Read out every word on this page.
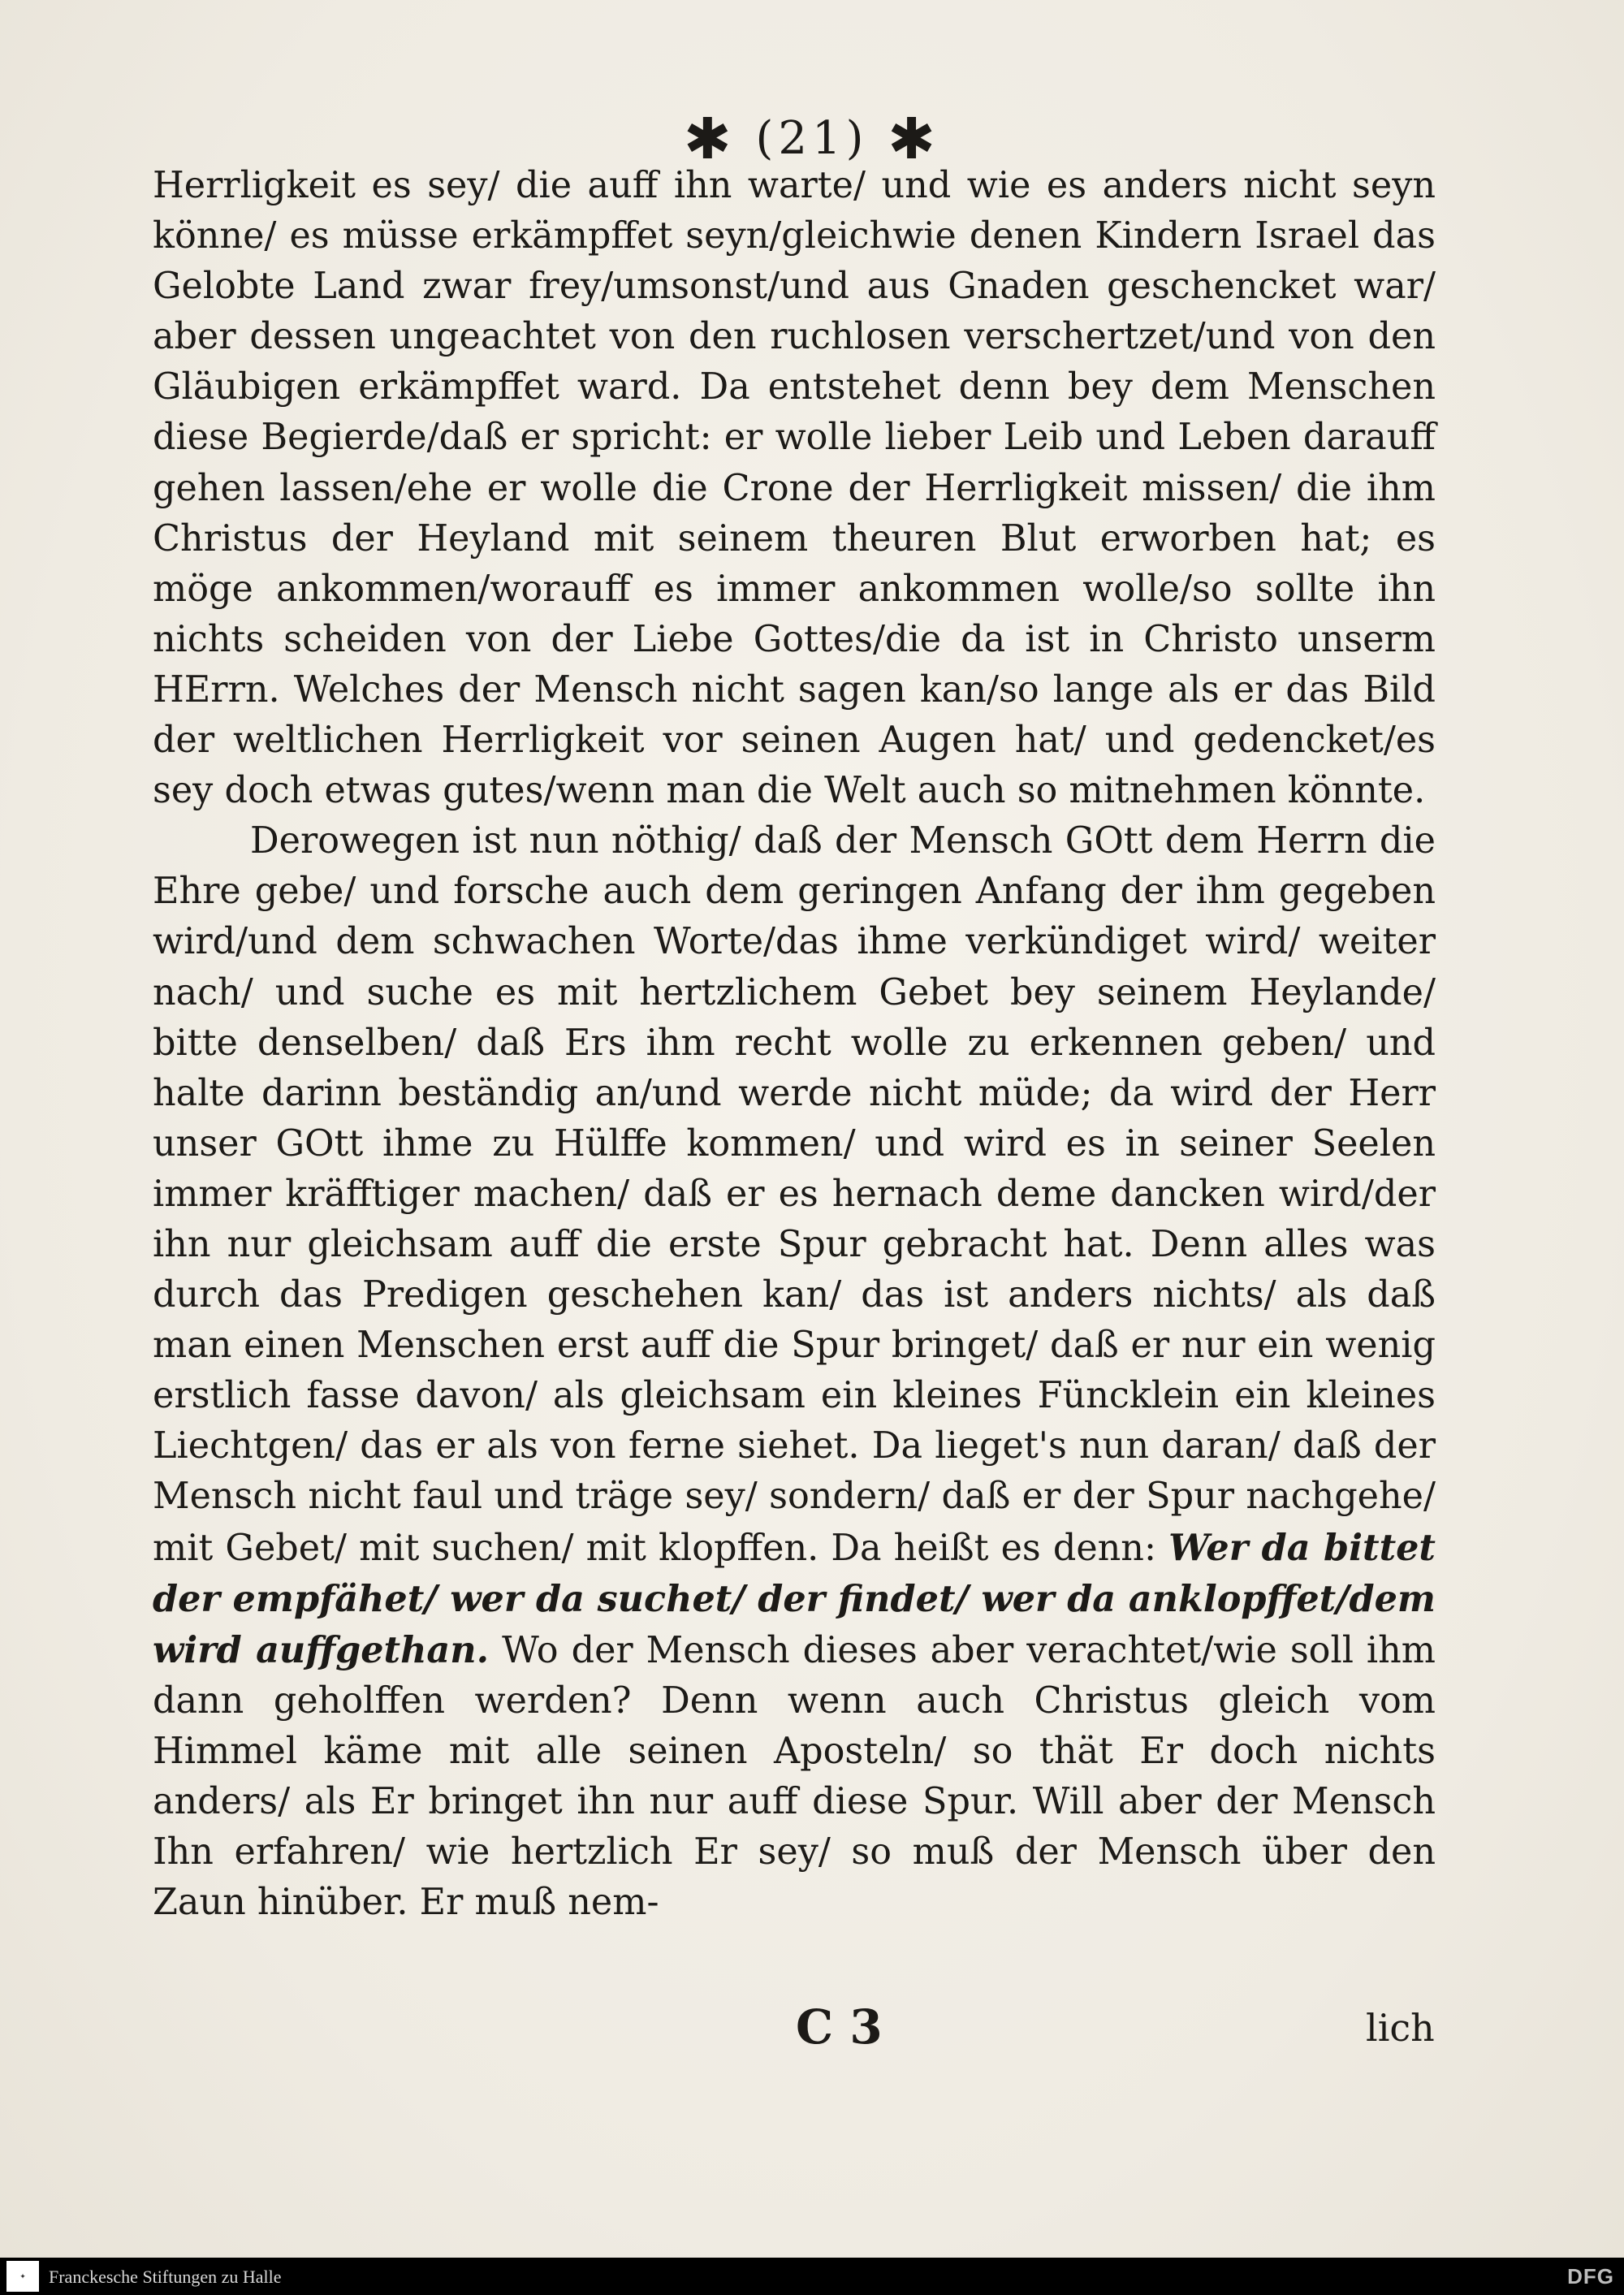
✱ (21) ✱

Herrligkeit es sey/ die auff ihn warte/ und wie es anders nicht seyn könne/ es müsse erkämpffet seyn/gleichwie denen Kindern Israel das Gelobte Land zwar frey/umsonst/und aus Gnaden geschencket war/ aber dessen ungeachtet von den ruchlosen verschertzet/und von den Gläubigen erkämpffet ward. Da entstehet denn bey dem Menschen diese Begierde/daß er spricht: er wolle lieber Leib und Leben darauff gehen lassen/ehe er wolle die Crone der Herrligkeit missen/ die ihm Christus der Heyland mit seinem theuren Blut erworben hat; es möge ankommen/worauff es immer ankommen wolle/so sollte ihn nichts scheiden von der Liebe Gottes/die da ist in Christo unserm HErrn. Welches der Mensch nicht sagen kan/so lange als er das Bild der weltlichen Herrligkeit vor seinen Augen hat/ und gedencket/es sey doch etwas gutes/wenn man die Welt auch so mitnehmen könnte.

Derowegen ist nun nöthig/ daß der Mensch GOtt dem Herrn die Ehre gebe/ und forsche auch dem geringen Anfang der ihm gegeben wird/und dem schwachen Worte/das ihme verkündiget wird/ weiter nach/ und suche es mit hertzlichem Gebet bey seinem Heylande/ bitte denselben/ daß Ers ihm recht wolle zu erkennen geben/ und halte darinn beständig an/und werde nicht müde; da wird der Herr unser GOtt ihme zu Hülffe kommen/ und wird es in seiner Seelen immer kräfftiger machen/ daß er es hernach deme dancken wird/der ihn nur gleichsam auff die erste Spur gebracht hat. Denn alles was durch das Predigen geschehen kan/ das ist anders nichts/ als daß man einen Menschen erst auff die Spur bringet/ daß er nur ein wenig erstlich fasse davon/ als gleichsam ein kleines Füncklein ein kleines Liechtgen/ das er als von ferne siehet. Da lieget's nun daran/ daß der Mensch nicht faul und träge sey/ sondern/ daß er der Spur nachgehe/ mit Gebet/ mit suchen/ mit klopffen. Da heißt es denn: Wer da bittet der empfähet/ wer da suchet/ der findet/ wer da anklopffet/dem wird auffgethan. Wo der Mensch dieses aber verachtet/wie soll ihm dann geholffen werden? Denn wenn auch Christus gleich vom Himmel käme mit alle seinen Aposteln/ so thät Er doch nichts anders/ als Er bringet ihn nur auff diese Spur. Will aber der Mensch Ihn erfahren/ wie hertzlich Er sey/ so muß der Mensch über den Zaun hinüber. Er muß nem-

C 3	lich
✦	Franckesche Stiftungen zu Halle	DFG
